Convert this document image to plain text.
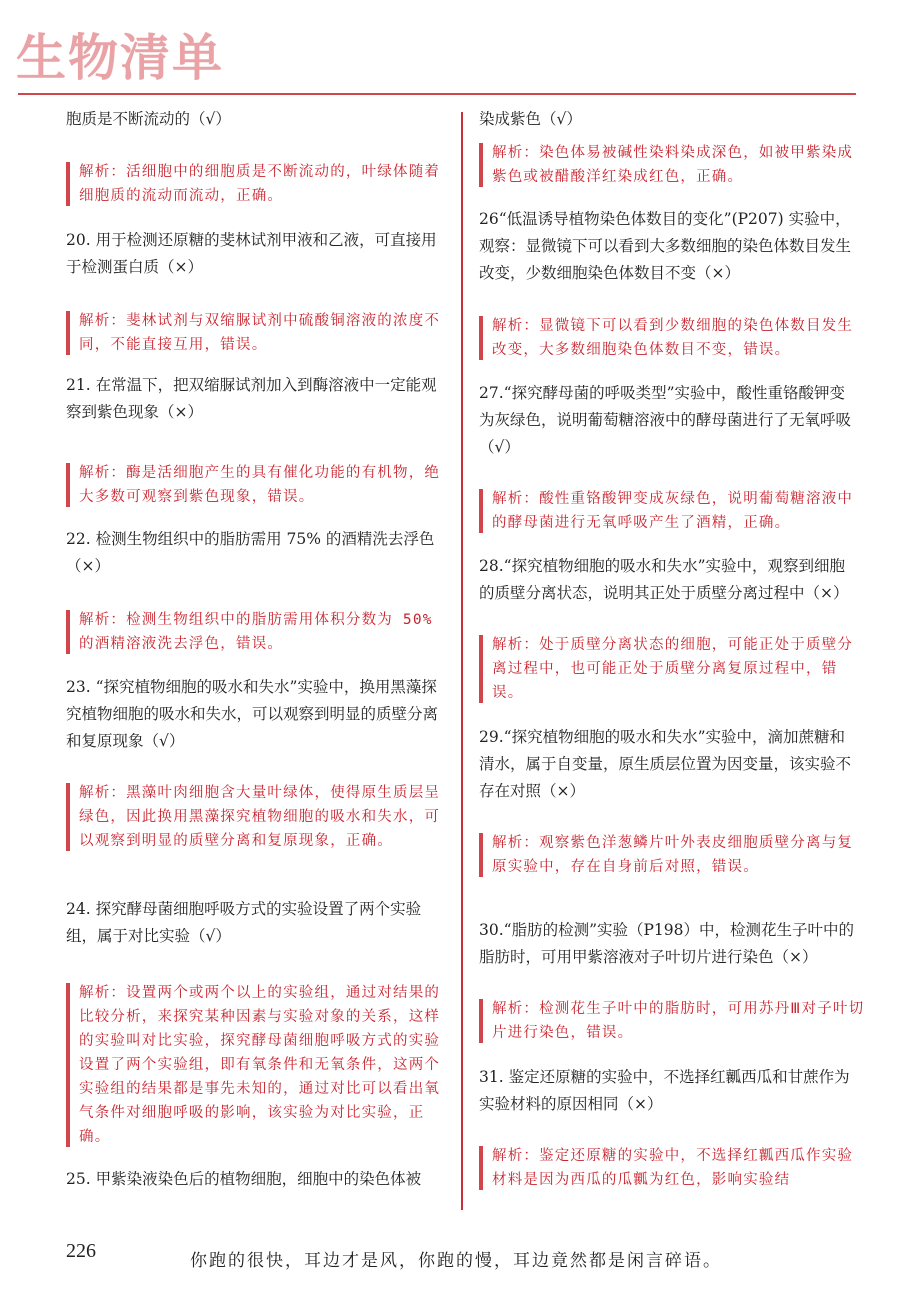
生物清单
胞质是不断流动的（√）
解析：活细胞中的细胞质是不断流动的，叶绿体随着细胞质的流动而流动，正确。
20. 用于检测还原糖的斐林试剂甲液和乙液，可直接用于检测蛋白质（×）
解析：斐林试剂与双缩脲试剂中硫酸铜溶液的浓度不同，不能直接互用，错误。
21. 在常温下，把双缩脲试剂加入到酶溶液中一定能观察到紫色现象（×）
解析：酶是活细胞产生的具有催化功能的有机物，绝大多数可观察到紫色现象，错误。
22. 检测生物组织中的脂肪需用 75% 的酒精洗去浮色（×）
解析：检测生物组织中的脂肪需用体积分数为 50% 的酒精溶液洗去浮色，错误。
23. “探究植物细胞的吸水和失水”实验中，换用黑藻探究植物细胞的吸水和失水，可以观察到明显的质壁分离和复原现象（√）
解析：黑藻叶肉细胞含大量叶绿体，使得原生质层呈绿色，因此换用黑藻探究植物细胞的吸水和失水，可以观察到明显的质壁分离和复原现象，正确。
24. 探究酵母菌细胞呼吸方式的实验设置了两个实验组，属于对比实验（√）
解析：设置两个或两个以上的实验组，通过对结果的比较分析，来探究某种因素与实验对象的关系，这样的实验叫对比实验，探究酵母菌细胞呼吸方式的实验设置了两个实验组，即有氧条件和无氧条件，这两个实验组的结果都是事先未知的，通过对比可以看出氧气条件对细胞呼吸的影响，该实验为对比实验，正确。
25. 甲紫染液染色后的植物细胞，细胞中的染色体被
染成紫色（√）
解析：染色体易被碱性染料染成深色，如被甲紫染成紫色或被醋酸洋红染成红色，正确。
26“低温诱导植物染色体数目的变化”(P207) 实验中，观察：显微镜下可以看到大多数细胞的染色体数目发生改变，少数细胞染色体数目不变（×）
解析：显微镜下可以看到少数细胞的染色体数目发生改变，大多数细胞染色体数目不变，错误。
27.“探究酵母菌的呼吸类型”实验中，酸性重铬酸钾变为灰绿色，说明葡萄糖溶液中的酵母菌进行了无氧呼吸（√）
解析：酸性重铬酸钾变成灰绿色，说明葡萄糖溶液中的酵母菌进行无氧呼吸产生了酒精，正确。
28.“探究植物细胞的吸水和失水”实验中，观察到细胞的质壁分离状态，说明其正处于质壁分离过程中（×）
解析：处于质壁分离状态的细胞，可能正处于质壁分离过程中，也可能正处于质壁分离复原过程中，错误。
29.“探究植物细胞的吸水和失水”实验中，滴加蔗糖和清水，属于自变量，原生质层位置为因变量，该实验不存在对照（×）
解析：观察紫色洋葱鳞片叶外表皮细胞质壁分离与复原实验中，存在自身前后对照，错误。
30.“脂肪的检测”实验（P198）中，检测花生子叶中的脂肪时，可用甲紫溶液对子叶切片进行染色（×）
解析：检测花生子叶中的脂肪时，可用苏丹Ⅲ对子叶切片进行染色，错误。
31. 鉴定还原糖的实验中，不选择红瓤西瓜和甘蔗作为实验材料的原因相同（×）
解析：鉴定还原糖的实验中，不选择红瓤西瓜作实验材料是因为西瓜的瓜瓤为红色，影响实验结
226	你跑的很快，耳边才是风，你跑的慢，耳边竟然都是闲言碎语。
